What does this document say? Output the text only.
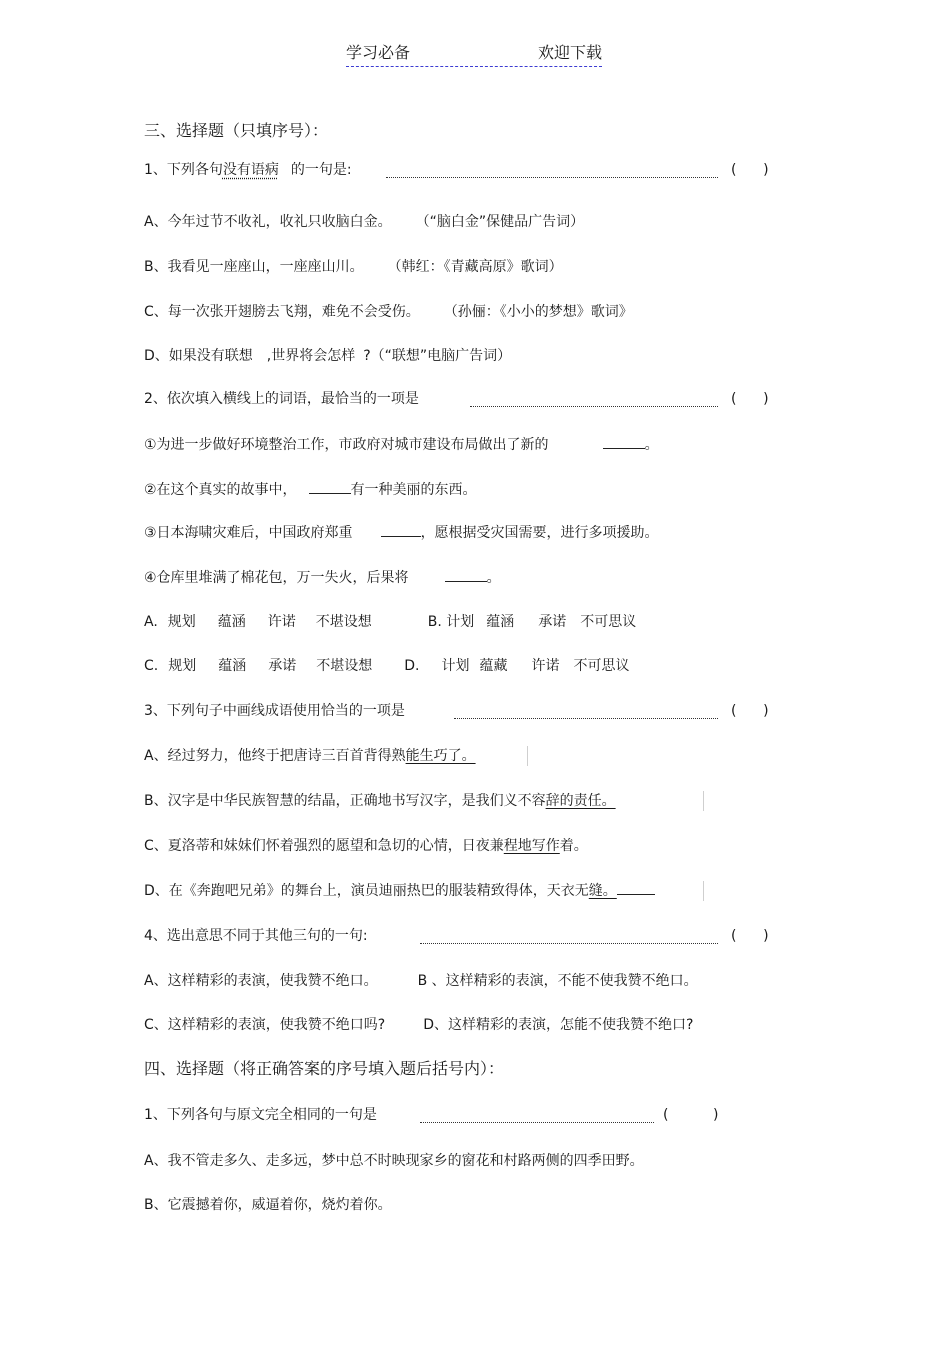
学习必备	欢迎下载
三、选择题（只填序号）：
1、下列各句没有语病 的一句是:	(      )
A、今年过节不收礼，收礼只收脑白金。 （“脑白金”保健品广告词）
B、我看见一座座山，一座座山川。 （韩红：《青藏高原》歌词）
C、每一次张开翅膀去飞翔，难免不会受伤。 （孙俪：《小小的梦想》歌词》
D、如果没有联想 ,世界将会怎样 ?（“联想”电脑广告词）
2、依次填入横线上的词语，最恰当的一项是	(      )
①为进一步做好环境整治工作，市政府对城市建设布局做出了新的	。
②在这个真实的故事中，	有一种美丽的东西。
③日本海啸灾难后，中国政府郑重	，愿根据受灾国需要，进行多项援助。
④仓库里堆满了棉花包，万一失火，后果将	。
A. 规划 蕴涵 许诺 不堪设想	B. 计划 蕴涵 承诺 不可思议
C. 规划 蕴涵 承诺 不堪设想 D. 计划 蕴藏 许诺 不可思议
3、下列句子中画线成语使用恰当的一项是	(      )
A、经过努力，他终于把唐诗三百首背得熟能生巧了。
B、汉字是中华民族智慧的结晶，正确地书写汉字，是我们义不容辞的责任。
C、夏洛蒂和妹妹们怀着强烈的愿望和急切的心情，日夜兼程地写作着。
D、在《奔跑吧兄弟》的舞台上，演员迪丽热巴的服装精致得体，天衣无缝。
4、选出意思不同于其他三句的一句:	(      )
A、这样精彩的表演，使我赞不绝口。	B 、这样精彩的表演，不能不使我赞不绝口。
C、这样精彩的表演，使我赞不绝口吗?	D、这样精彩的表演，怎能不使我赞不绝口?
四、选择题（将正确答案的序号填入题后括号内）：
1、下列各句与原文完全相同的一句是	(          )
A、我不管走多久、走多远，梦中总不时映现家乡的窗花和村路两侧的四季田野。
B、它震撼着你，威逼着你，烧灼着你。
